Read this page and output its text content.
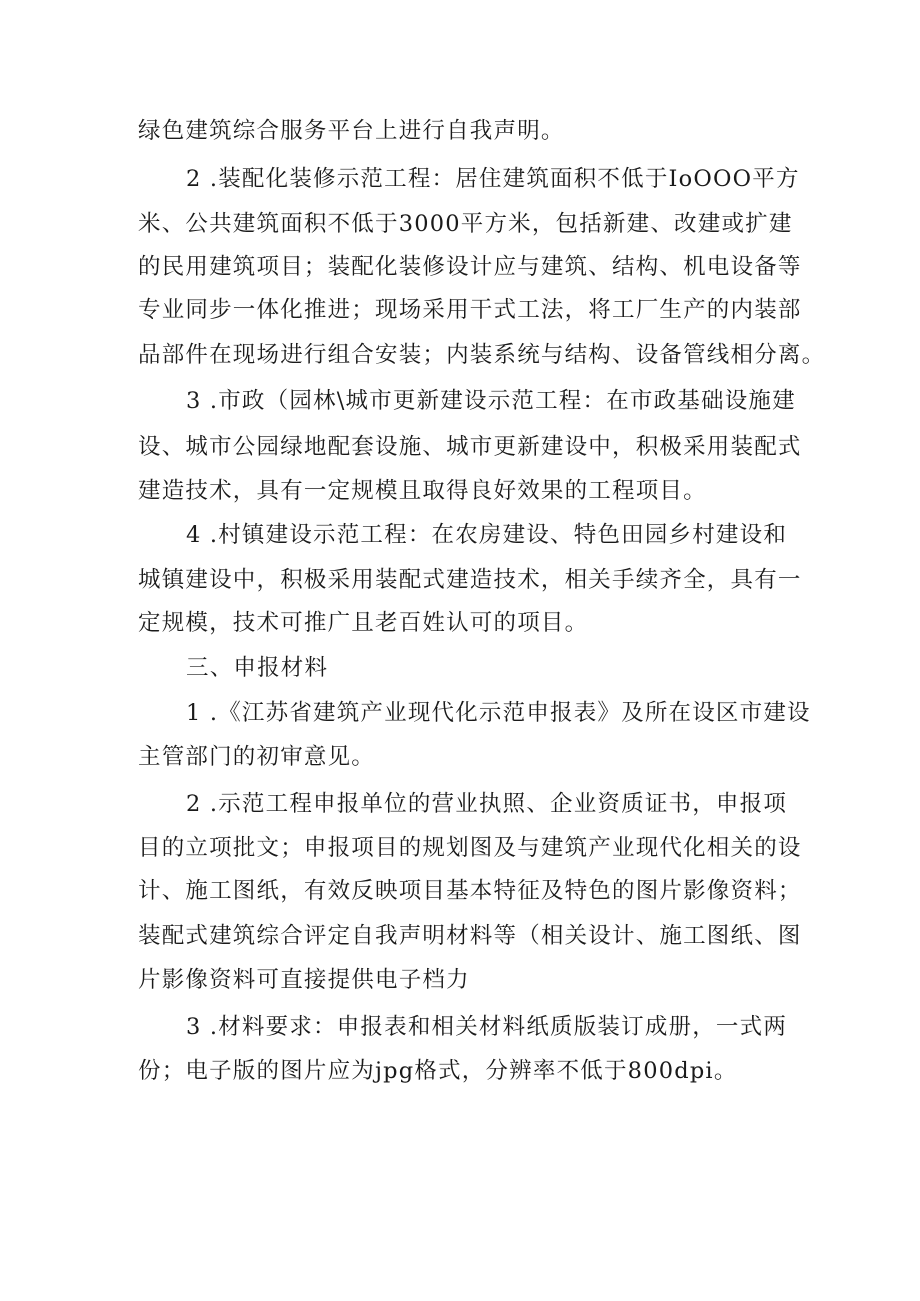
绿色建筑综合服务平台上进行自我声明。
2 .装配化装修示范工程：居住建筑面积不低于IoOOO平方
米、公共建筑面积不低于3000平方米，包括新建、改建或扩建
的民用建筑项目；装配化装修设计应与建筑、结构、机电设备等
专业同步一体化推进；现场采用干式工法，将工厂生产的内装部
品部件在现场进行组合安装；内装系统与结构、设备管线相分离。
3 .市政（园林\城市更新建设示范工程：在市政基础设施建
设、城市公园绿地配套设施、城市更新建设中，积极采用装配式
建造技术，具有一定规模且取得良好效果的工程项目。
4 .村镇建设示范工程：在农房建设、特色田园乡村建设和
城镇建设中，积极采用装配式建造技术，相关手续齐全，具有一
定规模，技术可推广且老百姓认可的项目。
三、申报材料
1 .《江苏省建筑产业现代化示范申报表》及所在设区市建设
主管部门的初审意见。
2 .示范工程申报单位的营业执照、企业资质证书，申报项
目的立项批文；申报项目的规划图及与建筑产业现代化相关的设
计、施工图纸，有效反映项目基本特征及特色的图片影像资料；
装配式建筑综合评定自我声明材料等（相关设计、施工图纸、图
片影像资料可直接提供电子档力
3 .材料要求：申报表和相关材料纸质版装订成册，一式两
份；电子版的图片应为jpg格式，分辨率不低于800dpi。
